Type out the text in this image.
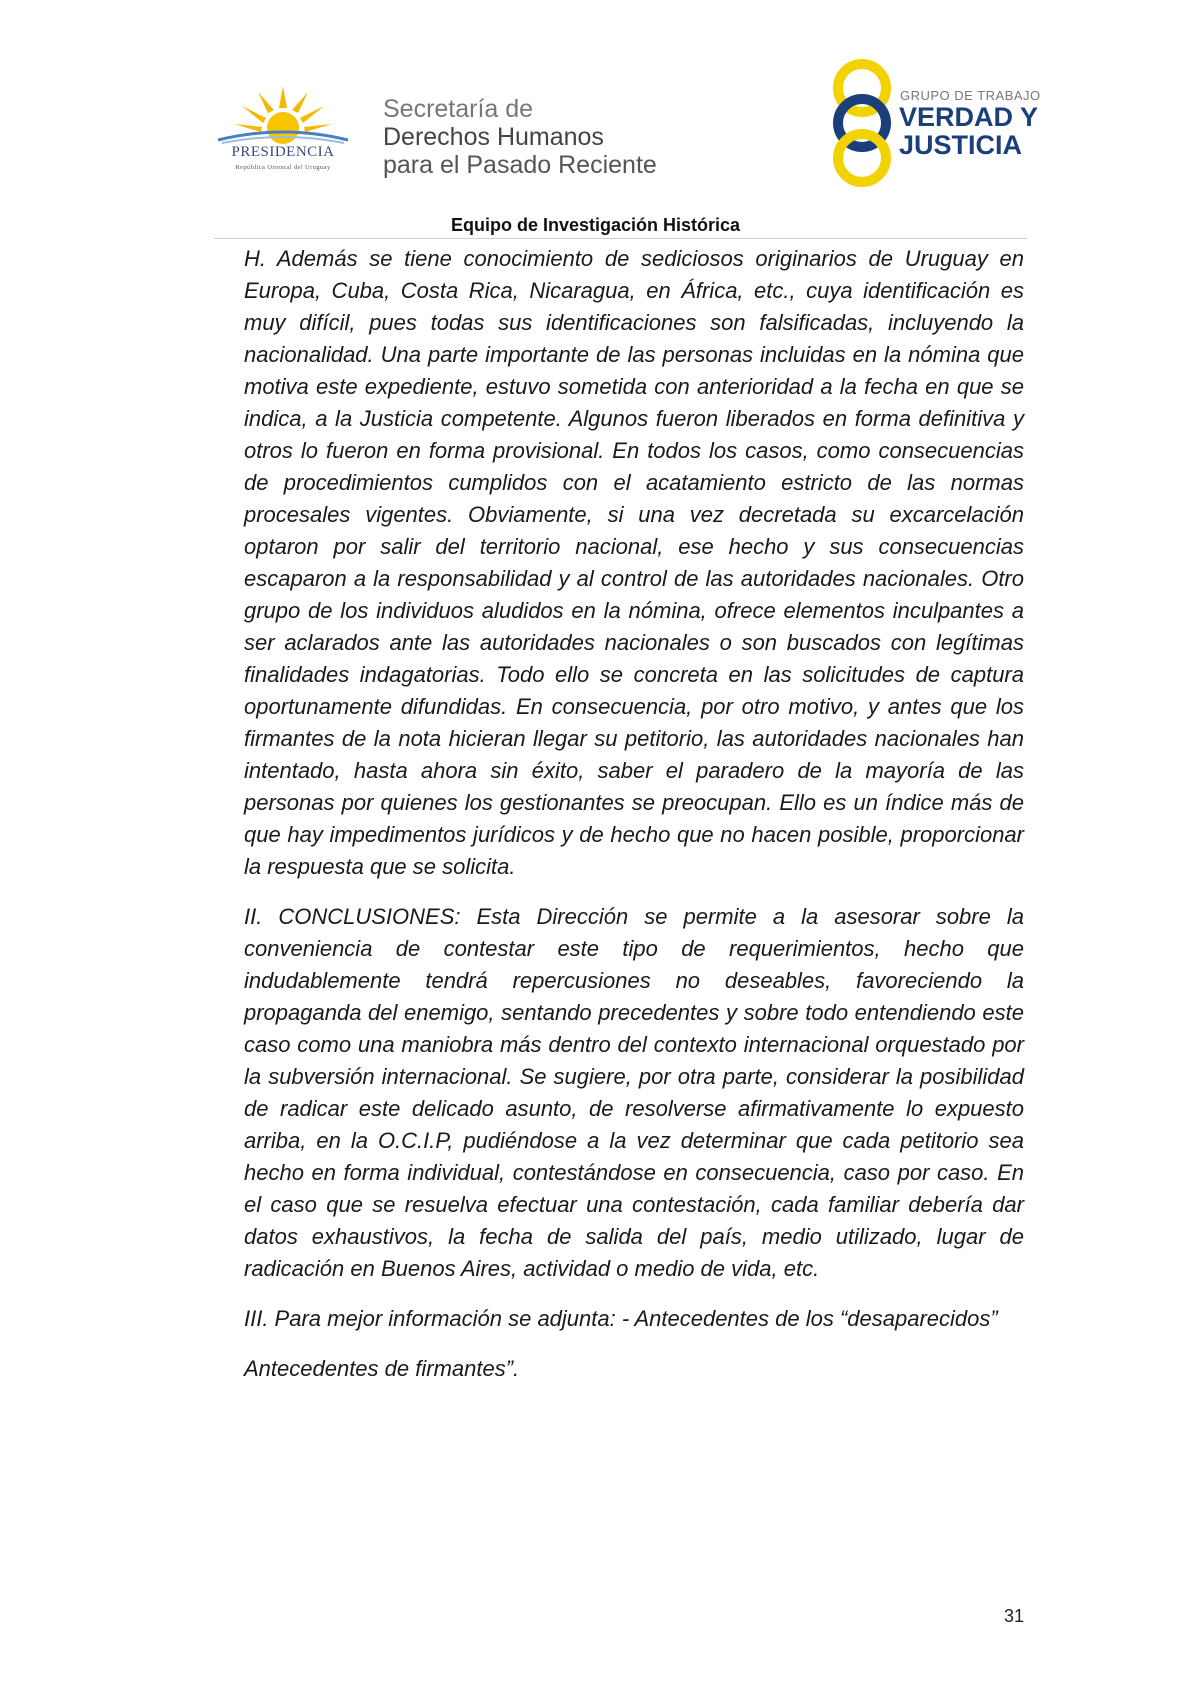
PRESIDENCIA
República Oriental del Uruguay
Secretaría de
Derechos Humanos
para el Pasado Reciente
GRUPO DE TRABAJO
VERDAD Y
JUSTICIA
Equipo de Investigación Histórica

H. Además se tiene conocimiento de sediciosos originarios de Uruguay en Europa, Cuba, Costa Rica, Nicaragua, en África, etc., cuya identificación es muy difícil, pues todas sus identificaciones son falsificadas, incluyendo la nacionalidad. Una parte importante de las personas incluidas en la nómina que motiva este expediente, estuvo sometida con anterioridad a la fecha en que se indica, a la Justicia competente. Algunos fueron liberados en forma definitiva y otros lo fueron en forma provisional. En todos los casos, como consecuencias de procedimientos cumplidos con el acatamiento estricto de las normas procesales vigentes. Obviamente, si una vez decretada su excarcelación optaron por salir del territorio nacional, ese hecho y sus consecuencias escaparon a la responsabilidad y al control de las autoridades nacionales. Otro grupo de los individuos aludidos en la nómina, ofrece elementos inculpantes a ser aclarados ante las autoridades nacionales o son buscados con legítimas finalidades indagatorias. Todo ello se concreta en las solicitudes de captura oportunamente difundidas. En consecuencia, por otro motivo, y antes que los firmantes de la nota hicieran llegar su petitorio, las autoridades nacionales han intentado, hasta ahora sin éxito, saber el paradero de la mayoría de las personas por quienes los gestionantes se preocupan. Ello es un índice más de que hay impedimentos jurídicos y de hecho que no hacen posible, proporcionar la respuesta que se solicita.

II. CONCLUSIONES: Esta Dirección se permite a la asesorar sobre la conveniencia de contestar este tipo de requerimientos, hecho que indudablemente tendrá repercusiones no deseables, favoreciendo la propaganda del enemigo, sentando precedentes y sobre todo entendiendo este caso como una maniobra más dentro del contexto internacional orquestado por la subversión internacional. Se sugiere, por otra parte, considerar la posibilidad de radicar este delicado asunto, de resolverse afirmativamente lo expuesto arriba, en la O.C.I.P, pudiéndose a la vez determinar que cada petitorio sea hecho en forma individual, contestándose en consecuencia, caso por caso. En el caso que se resuelva efectuar una contestación, cada familiar debería dar datos exhaustivos, la fecha de salida del país, medio utilizado, lugar de radicación en Buenos Aires, actividad o medio de vida, etc.

III. Para mejor información se adjunta: - Antecedentes de los “desaparecidos”

Antecedentes de firmantes”.

31
